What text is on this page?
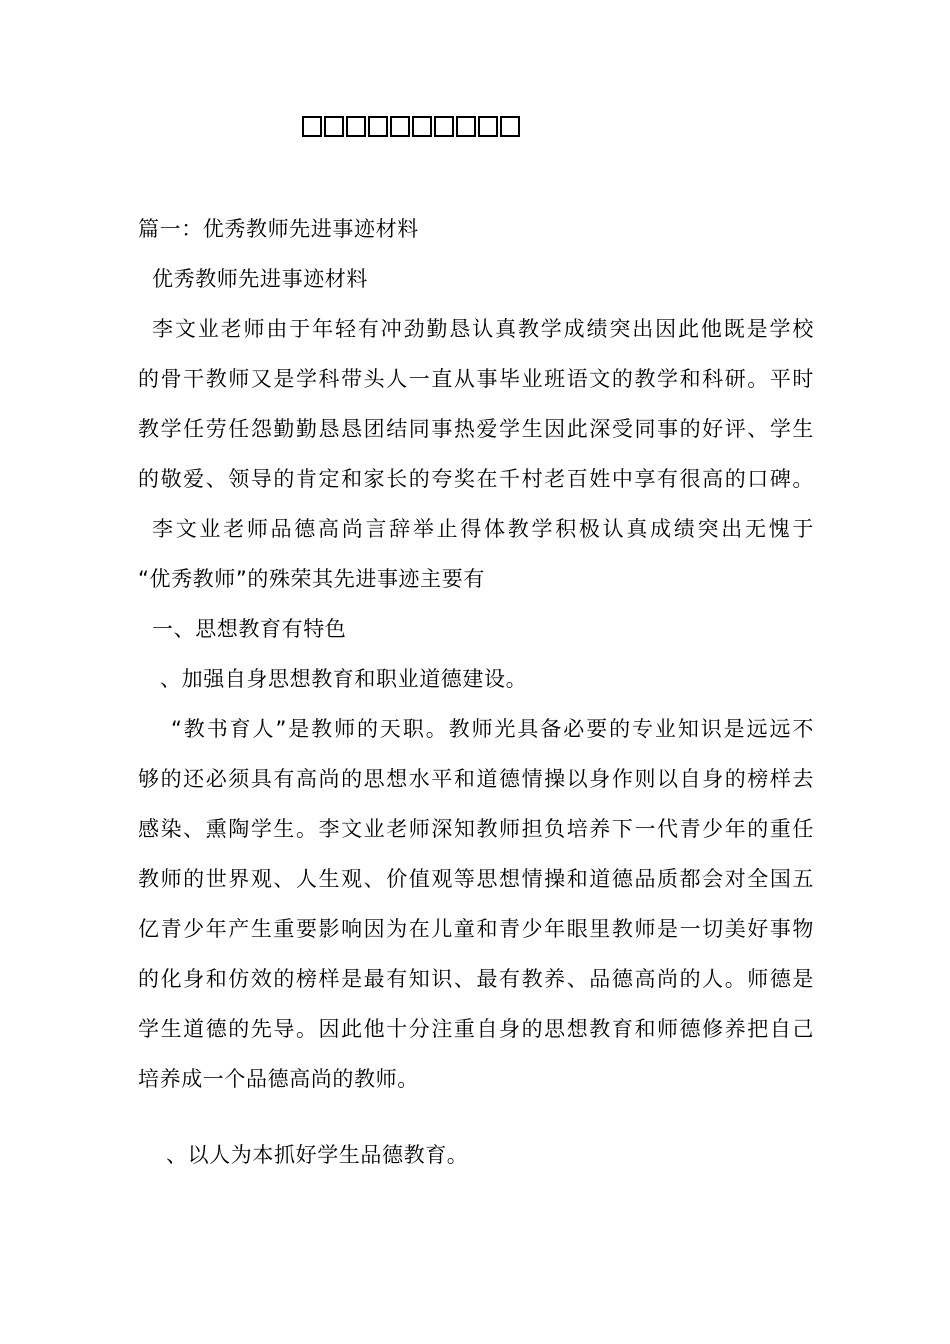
篇一：优秀教师先进事迹材料
优秀教师先进事迹材料
李文业老师由于年轻有冲劲勤恳认真教学成绩突出因此他既是学校
的骨干教师又是学科带头人一直从事毕业班语文的教学和科研。平时
教学任劳任怨勤勤恳恳团结同事热爱学生因此深受同事的好评、学生
的敬爱、领导的肯定和家长的夸奖在千村老百姓中享有很高的口碑。
李文业老师品德高尚言辞举止得体教学积极认真成绩突出无愧于
“优秀教师”的殊荣其先进事迹主要有
一、思想教育有特色
、加强自身思想教育和职业道德建设。
“教书育人”是教师的天职。教师光具备必要的专业知识是远远不
够的还必须具有高尚的思想水平和道德情操以身作则以自身的榜样去
感染、熏陶学生。李文业老师深知教师担负培养下一代青少年的重任
教师的世界观、人生观、价值观等思想情操和道德品质都会对全国五
亿青少年产生重要影响因为在儿童和青少年眼里教师是一切美好事物
的化身和仿效的榜样是最有知识、最有教养、品德高尚的人。师德是
学生道德的先导。因此他十分注重自身的思想教育和师德修养把自己
培养成一个品德高尚的教师。
、以人为本抓好学生品德教育。
